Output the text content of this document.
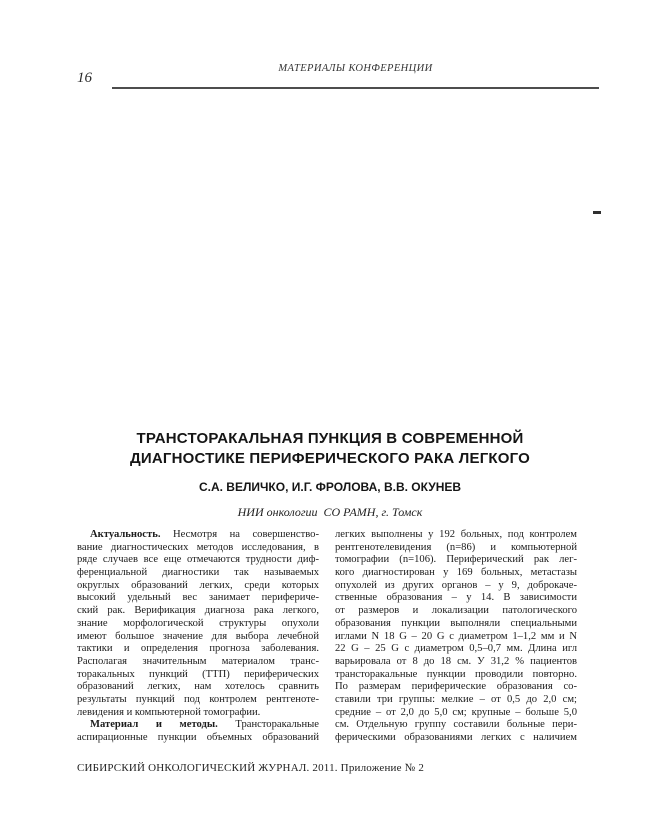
16
МАТЕРИАЛЫ КОНФЕРЕНЦИИ
ТРАНСТОРАКАЛЬНАЯ ПУНКЦИЯ В СОВРЕМЕННОЙ
ДИАГНОСТИКЕ ПЕРИФЕРИЧЕСКОГО РАКА ЛЕГКОГО
С.А. ВЕЛИЧКО, И.Г. ФРОЛОВА, В.В. ОКУНЕВ
НИИ онкологии  СО РАМН, г. Томск
Актуальность. Несмотря на совершенство-
вание диагностических методов исследования, в
ряде случаев все еще отмечаются трудности диф-
ференциальной диагностики так называемых
округлых образований легких, среди которых
высокий удельный вес занимает перифериче-
ский рак. Верификация диагноза рака легкого,
знание морфологической структуры опухоли
имеют большое значение для выбора лечебной
тактики и определения прогноза заболевания.
Располагая значительным материалом транс-
торакальных пункций (ТТП) периферических
образований легких, нам хотелось сравнить
результаты пункций под контролем рентгеноте-
левидения и компьютерной томографии.
Материал и методы. Трансторакальные
аспирационные пункции объемных образований
легких выполнены у 192 больных, под контролем
рентгенотелевидения (n=86) и компьютерной
томографии (n=106). Периферический рак лег-
кого диагностирован у 169 больных, метастазы
опухолей из других органов – у 9, доброкаче-
ственные образования – у 14. В зависимости
от размеров и локализации патологического
образования пункции выполняли специальными
иглами N 18 G – 20 G с диаметром 1–1,2 мм и N
22 G – 25 G с диаметром 0,5–0,7 мм. Длина игл
варьировала от 8 до 18 см. У 31,2 % пациентов
трансторакальные пункции проводили повторно.
По размерам периферические образования со-
ставили три группы: мелкие – от 0,5 до 2,0 см;
средние – от 2,0 до 5,0 см; крупные – больше 5,0
см. Отдельную группу составили больные пери-
ферическими образованиями легких с наличием
СИБИРСКИЙ ОНКОЛОГИЧЕСКИЙ ЖУРНАЛ. 2011. Приложение № 2
